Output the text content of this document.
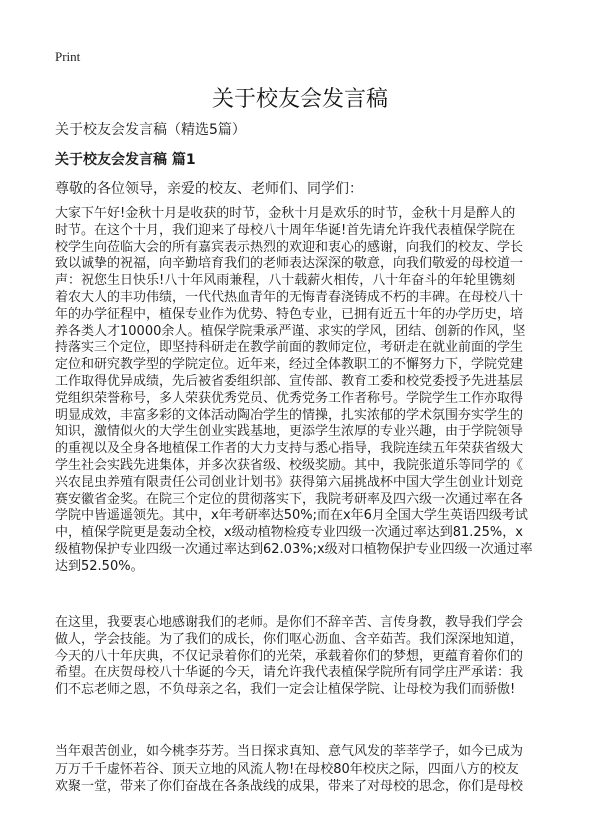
Print
关于校友会发言稿
关于校友会发言稿（精选5篇）
关于校友会发言稿 篇1
尊敬的各位领导，亲爱的校友、老师们、同学们：
大家下午好!金秋十月是收获的时节，金秋十月是欢乐的时节，金秋十月是醉人的
时节。在这个十月，我们迎来了母校八十周年华诞!首先请允许我代表植保学院在
校学生向莅临大会的所有嘉宾表示热烈的欢迎和衷心的感谢，向我们的校友、学长
致以诚挚的祝福，向辛勤培育我们的老师表达深深的敬意，向我们敬爱的母校道一
声：祝您生日快乐!八十年风雨兼程，八十载薪火相传，八十年奋斗的年轮里镌刻
着农大人的丰功伟绩，一代代热血青年的无悔青春浇铸成不朽的丰碑。在母校八十
年的办学征程中，植保专业作为优势、特色专业，已拥有近五十年的办学历史，培
养各类人才10000余人。植保学院秉承严谨、求实的学风，团结、创新的作风，坚
持落实三个定位，即坚持科研走在教学前面的教师定位，考研走在就业前面的学生
定位和研究教学型的学院定位。近年来，经过全体教职工的不懈努力下，学院党建
工作取得优异成绩，先后被省委组织部、宣传部、教育工委和校党委授予先进基层
党组织荣誉称号，多人荣获优秀党员、优秀党务工作者称号。学院学生工作亦取得
明显成效，丰富多彩的文体活动陶冶学生的情操，扎实浓郁的学术氛围夯实学生的
知识，激情似火的大学生创业实践基地，更添学生浓厚的专业兴趣，由于学院领导
的重视以及全身各地植保工作者的大力支持与悉心指导，我院连续五年荣获省级大
学生社会实践先进集体，并多次获省级、校级奖励。其中，我院张道乐等同学的《
兴农昆虫养殖有限责任公司创业计划书》获得第六届挑战杯中国大学生创业计划竞
赛安徽省金奖。在院三个定位的贯彻落实下，我院考研率及四六级一次通过率在各
学院中皆遥遥领先。其中，x年考研率达50%;而在x年6月全国大学生英语四级考试
中，植保学院更是轰动全校，x级动植物检疫专业四级一次通过率达到81.25%，x
级植物保护专业四级一次通过率达到62.03%;x级对口植物保护专业四级一次通过率
达到52.50%。
在这里，我要衷心地感谢我们的老师。是你们不辞辛苦、言传身教，教导我们学会
做人，学会技能。为了我们的成长，你们呕心沥血、含辛茹苦。我们深深地知道，
今天的八十年庆典，不仅记录着你们的光荣，承载着你们的梦想，更蕴育着你们的
希望。在庆贺母校八十华诞的今天，请允许我代表植保学院所有同学庄严承诺：我
们不忘老师之恩，不负母亲之名，我们一定会让植保学院、让母校为我们而骄傲!
当年艰苦创业，如今桃李芬芳。当日探求真知、意气风发的莘莘学子，如今已成为
万万千千虚怀若谷、顶天立地的风流人物!在母校80年校庆之际，四面八方的校友
欢聚一堂，带来了你们奋战在各条战线的成果，带来了对母校的思念，你们是母校
